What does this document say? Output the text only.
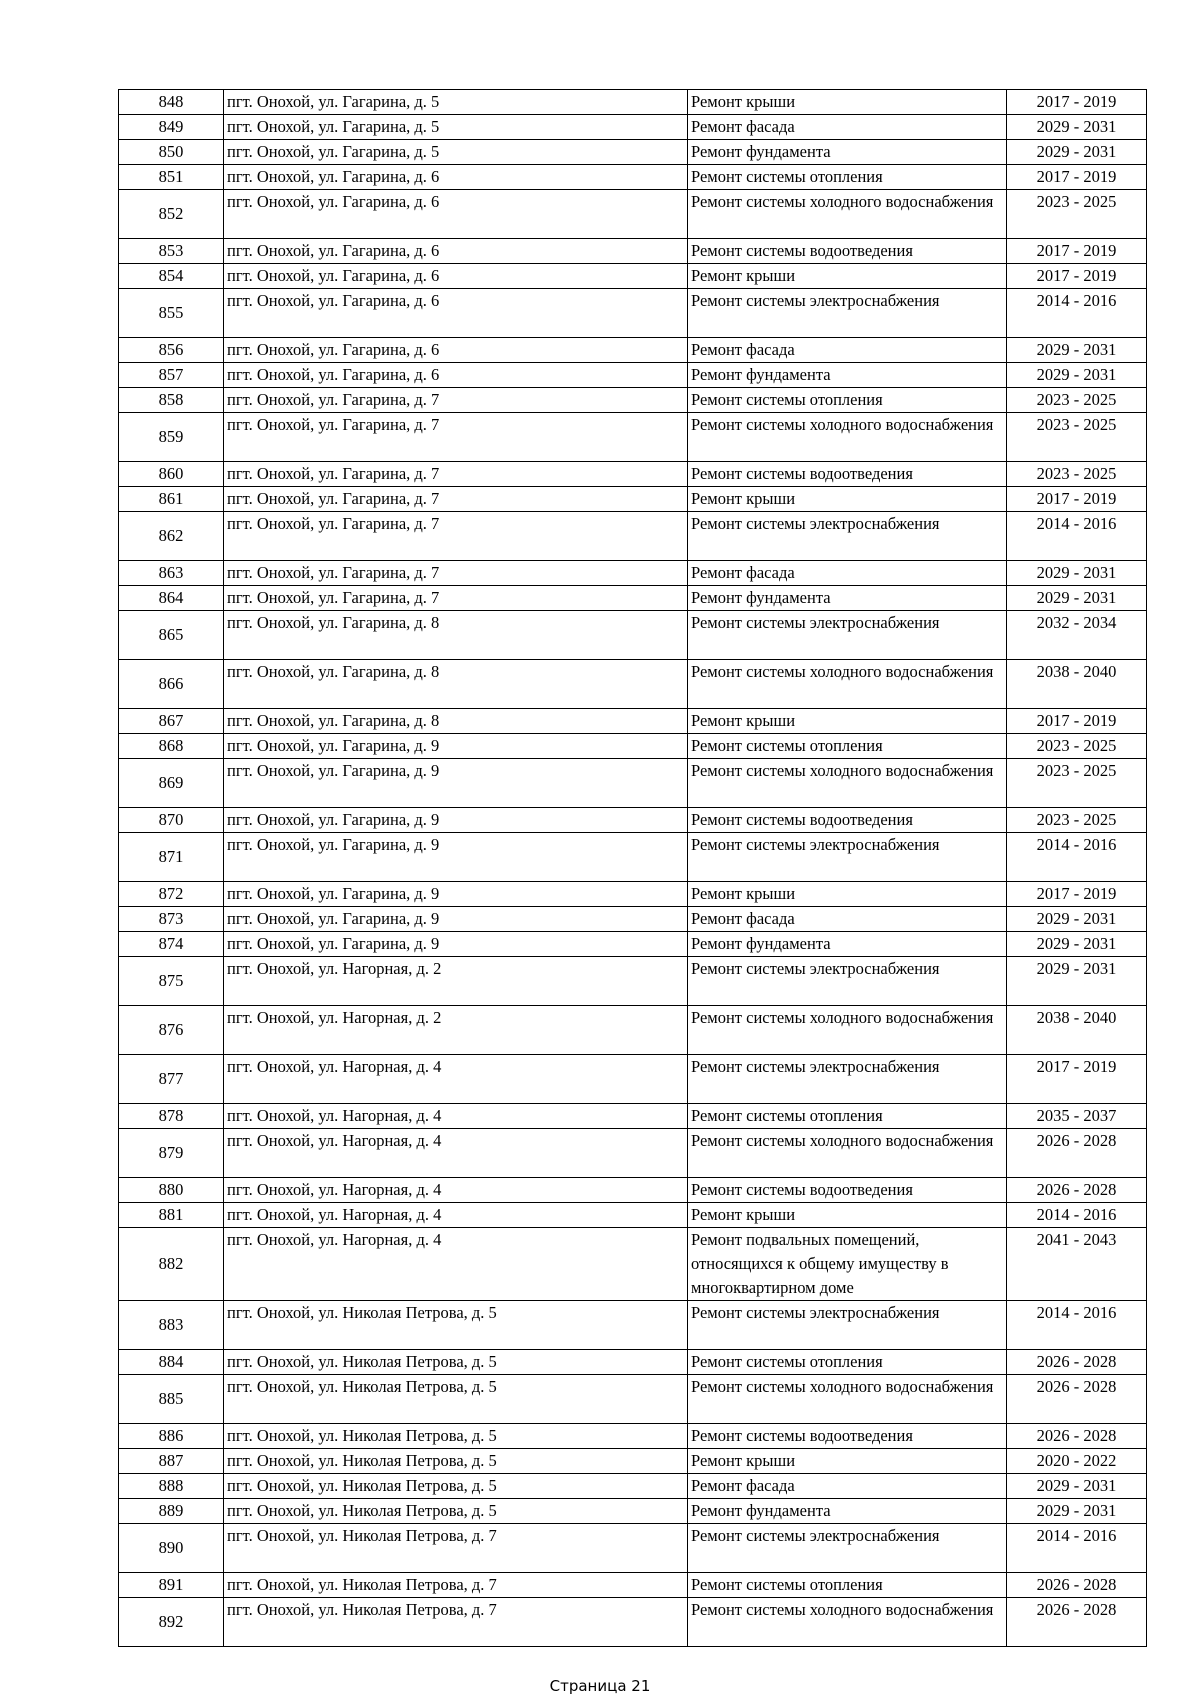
848	пгт. Онохой, ул. Гагарина, д. 5	Ремонт крыши	2017 - 2019
849	пгт. Онохой, ул. Гагарина, д. 5	Ремонт фасада	2029 - 2031
850	пгт. Онохой, ул. Гагарина, д. 5	Ремонт фундамента	2029 - 2031
851	пгт. Онохой, ул. Гагарина, д. 6	Ремонт системы отопления	2017 - 2019
852	пгт. Онохой, ул. Гагарина, д. 6	Ремонт системы холодного водоснабжения	2023 - 2025
853	пгт. Онохой, ул. Гагарина, д. 6	Ремонт системы водоотведения	2017 - 2019
854	пгт. Онохой, ул. Гагарина, д. 6	Ремонт крыши	2017 - 2019
855	пгт. Онохой, ул. Гагарина, д. 6	Ремонт системы электроснабжения	2014 - 2016
856	пгт. Онохой, ул. Гагарина, д. 6	Ремонт фасада	2029 - 2031
857	пгт. Онохой, ул. Гагарина, д. 6	Ремонт фундамента	2029 - 2031
858	пгт. Онохой, ул. Гагарина, д. 7	Ремонт системы отопления	2023 - 2025
859	пгт. Онохой, ул. Гагарина, д. 7	Ремонт системы холодного водоснабжения	2023 - 2025
860	пгт. Онохой, ул. Гагарина, д. 7	Ремонт системы водоотведения	2023 - 2025
861	пгт. Онохой, ул. Гагарина, д. 7	Ремонт крыши	2017 - 2019
862	пгт. Онохой, ул. Гагарина, д. 7	Ремонт системы электроснабжения	2014 - 2016
863	пгт. Онохой, ул. Гагарина, д. 7	Ремонт фасада	2029 - 2031
864	пгт. Онохой, ул. Гагарина, д. 7	Ремонт фундамента	2029 - 2031
865	пгт. Онохой, ул. Гагарина, д. 8	Ремонт системы электроснабжения	2032 - 2034
866	пгт. Онохой, ул. Гагарина, д. 8	Ремонт системы холодного водоснабжения	2038 - 2040
867	пгт. Онохой, ул. Гагарина, д. 8	Ремонт крыши	2017 - 2019
868	пгт. Онохой, ул. Гагарина, д. 9	Ремонт системы отопления	2023 - 2025
869	пгт. Онохой, ул. Гагарина, д. 9	Ремонт системы холодного водоснабжения	2023 - 2025
870	пгт. Онохой, ул. Гагарина, д. 9	Ремонт системы водоотведения	2023 - 2025
871	пгт. Онохой, ул. Гагарина, д. 9	Ремонт системы электроснабжения	2014 - 2016
872	пгт. Онохой, ул. Гагарина, д. 9	Ремонт крыши	2017 - 2019
873	пгт. Онохой, ул. Гагарина, д. 9	Ремонт фасада	2029 - 2031
874	пгт. Онохой, ул. Гагарина, д. 9	Ремонт фундамента	2029 - 2031
875	пгт. Онохой, ул. Нагорная, д. 2	Ремонт системы электроснабжения	2029 - 2031
876	пгт. Онохой, ул. Нагорная, д. 2	Ремонт системы холодного водоснабжения	2038 - 2040
877	пгт. Онохой, ул. Нагорная, д. 4	Ремонт системы электроснабжения	2017 - 2019
878	пгт. Онохой, ул. Нагорная, д. 4	Ремонт системы отопления	2035 - 2037
879	пгт. Онохой, ул. Нагорная, д. 4	Ремонт системы холодного водоснабжения	2026 - 2028
880	пгт. Онохой, ул. Нагорная, д. 4	Ремонт системы водоотведения	2026 - 2028
881	пгт. Онохой, ул. Нагорная, д. 4	Ремонт крыши	2014 - 2016
882	пгт. Онохой, ул. Нагорная, д. 4	Ремонт подвальных помещений, относящихся к общему имуществу в многоквартирном доме	2041 - 2043
883	пгт. Онохой, ул. Николая Петрова, д. 5	Ремонт системы электроснабжения	2014 - 2016
884	пгт. Онохой, ул. Николая Петрова, д. 5	Ремонт системы отопления	2026 - 2028
885	пгт. Онохой, ул. Николая Петрова, д. 5	Ремонт системы холодного водоснабжения	2026 - 2028
886	пгт. Онохой, ул. Николая Петрова, д. 5	Ремонт системы водоотведения	2026 - 2028
887	пгт. Онохой, ул. Николая Петрова, д. 5	Ремонт крыши	2020 - 2022
888	пгт. Онохой, ул. Николая Петрова, д. 5	Ремонт фасада	2029 - 2031
889	пгт. Онохой, ул. Николая Петрова, д. 5	Ремонт фундамента	2029 - 2031
890	пгт. Онохой, ул. Николая Петрова, д. 7	Ремонт системы электроснабжения	2014 - 2016
891	пгт. Онохой, ул. Николая Петрова, д. 7	Ремонт системы отопления	2026 - 2028
892	пгт. Онохой, ул. Николая Петрова, д. 7	Ремонт системы холодного водоснабжения	2026 - 2028
Страница 21
